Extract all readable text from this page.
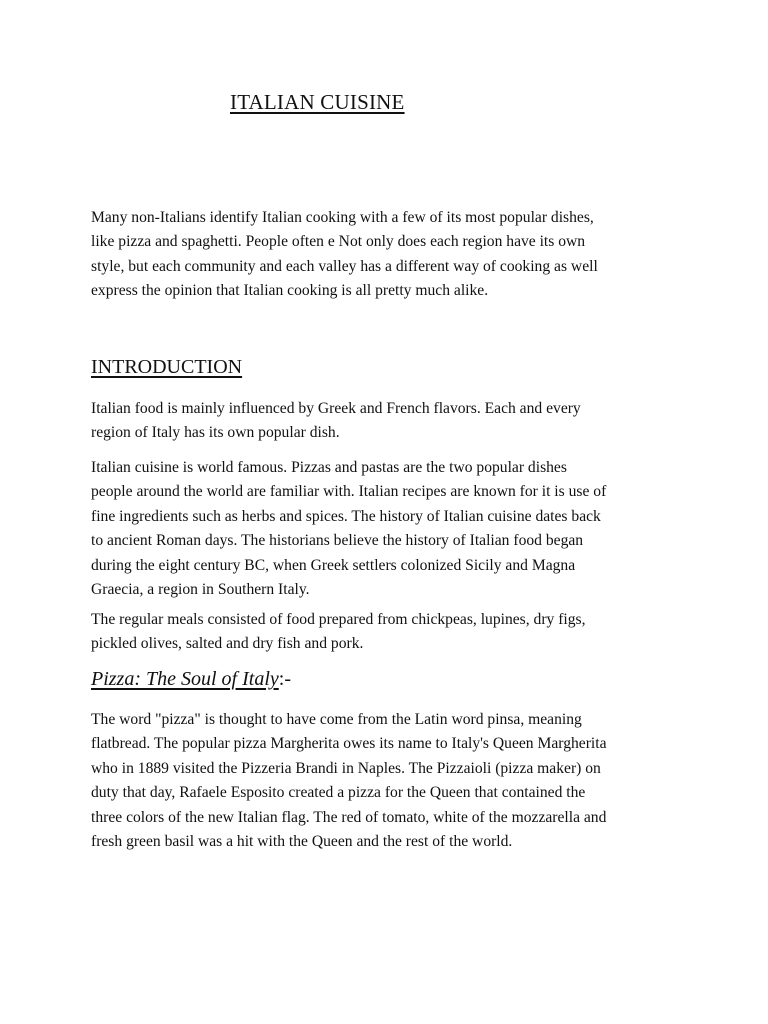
ITALIAN CUISINE

Many non-Italians identify Italian cooking with a few of its most popular dishes,
like pizza and spaghetti. People often e Not only does each region have its own
style, but each community and each valley has a different way of cooking as well
express the opinion that Italian cooking is all pretty much alike.

INTRODUCTION

Italian food is mainly influenced by Greek and French flavors. Each and every
region of Italy has its own popular dish.

Italian cuisine is world famous. Pizzas and pastas are the two popular dishes
people around the world are familiar with. Italian recipes are known for it is use of
fine ingredients such as herbs and spices. The history of Italian cuisine dates back
to ancient Roman days. The historians believe the history of Italian food began
during the eight century BC, when Greek settlers colonized Sicily and Magna
Graecia, a region in Southern Italy.

The regular meals consisted of food prepared from chickpeas, lupines, dry figs,
pickled olives, salted and dry fish and pork.

Pizza: The Soul of Italy:-

The word "pizza" is thought to have come from the Latin word pinsa, meaning
flatbread. The popular pizza Margherita owes its name to Italy's Queen Margherita
who in 1889 visited the Pizzeria Brandi in Naples. The Pizzaioli (pizza maker) on
duty that day, Rafaele Esposito created a pizza for the Queen that contained the
three colors of the new Italian flag. The red of tomato, white of the mozzarella and
fresh green basil was a hit with the Queen and the rest of the world.
